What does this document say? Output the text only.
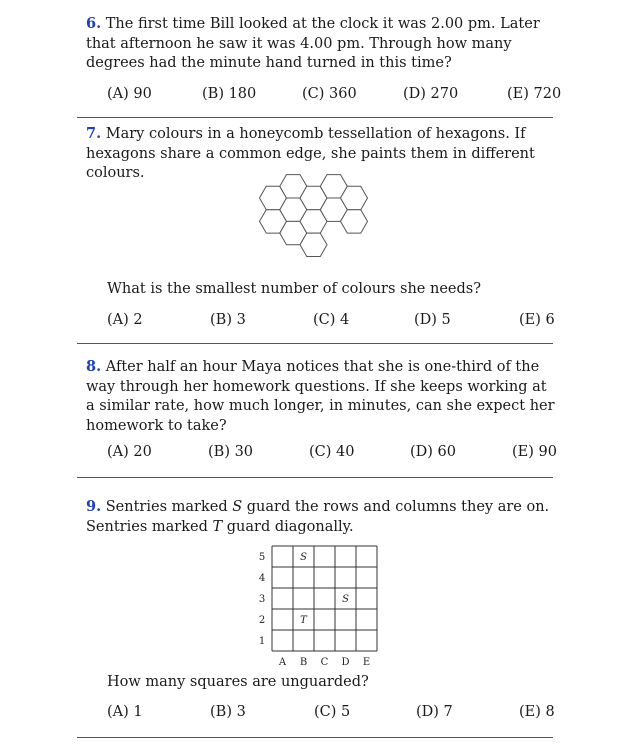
6. The first time Bill looked at the clock it was 2.00 pm. Later that afternoon he saw it was 4.00 pm. Through how many degrees had the minute hand turned in this time?
(A) 90	(B) 180	(C) 360	(D) 270	(E) 720
7. Mary colours in a honeycomb tessellation of hexagons. If hexagons share a common edge, she paints them in different colours.
What is the smallest number of colours she needs?
(A) 2	(B) 3	(C) 4	(D) 5	(E) 6
8. After half an hour Maya notices that she is one-third of the way through her homework questions. If she keeps working at a similar rate, how much longer, in minutes, can she expect her homework to take?
(A) 20	(B) 30	(C) 40	(D) 60	(E) 90
9. Sentries marked S guard the rows and columns they are on. Sentries marked T guard diagonally.
5
4
3
2
1
A B C D E
S
S
T
How many squares are unguarded?
(A) 1	(B) 3	(C) 5	(D) 7	(E) 8
